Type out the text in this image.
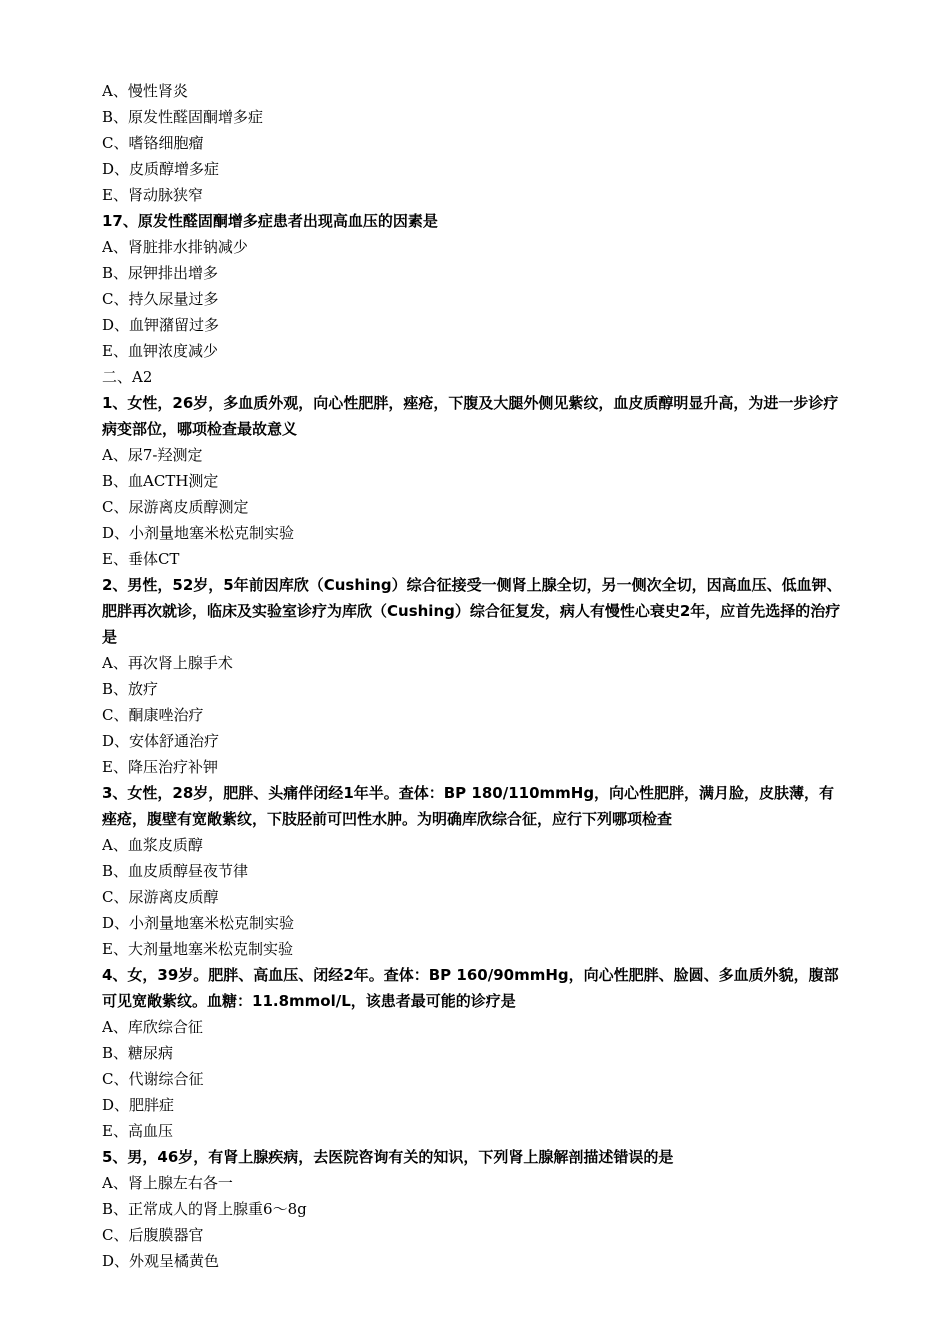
A、慢性肾炎
B、原发性醛固酮增多症
C、嗜铬细胞瘤
D、皮质醇增多症
E、肾动脉狭窄
17、原发性醛固酮增多症患者出现高血压的因素是
A、肾脏排水排钠减少
B、尿钾排出增多
C、持久尿量过多
D、血钾潴留过多
E、血钾浓度减少
二、A2
1、女性，26岁，多血质外观，向心性肥胖，痤疮，下腹及大腿外侧见紫纹，血皮质醇明显升高，为进一步诊疗病变部位，哪项检查最故意义
A、尿7-羟测定
B、血ACTH测定
C、尿游离皮质醇测定
D、小剂量地塞米松克制实验
E、垂体CT
2、男性，52岁，5年前因库欣（Cushing）综合征接受一侧肾上腺全切，另一侧次全切，因高血压、低血钾、肥胖再次就诊，临床及实验室诊疗为库欣（Cushing）综合征复发，病人有慢性心衰史2年，应首先选择的治疗是
A、再次肾上腺手术
B、放疗
C、酮康唑治疗
D、安体舒通治疗
E、降压治疗补钾
3、女性，28岁，肥胖、头痛伴闭经1年半。查体：BP 180/110mmHg，向心性肥胖，满月脸，皮肤薄，有痤疮，腹壁有宽敞紫纹，下肢胫前可凹性水肿。为明确库欣综合征，应行下列哪项检查
A、血浆皮质醇
B、血皮质醇昼夜节律
C、尿游离皮质醇
D、小剂量地塞米松克制实验
E、大剂量地塞米松克制实验
4、女，39岁。肥胖、高血压、闭经2年。查体：BP 160/90mmHg，向心性肥胖、脸圆、多血质外貌，腹部可见宽敞紫纹。血糖：11.8mmol/L，该患者最可能的诊疗是
A、库欣综合征
B、糖尿病
C、代谢综合征
D、肥胖症
E、高血压
5、男，46岁，有肾上腺疾病，去医院咨询有关的知识，下列肾上腺解剖描述错误的是
A、肾上腺左右各一
B、正常成人的肾上腺重6～8g
C、后腹膜器官
D、外观呈橘黄色
